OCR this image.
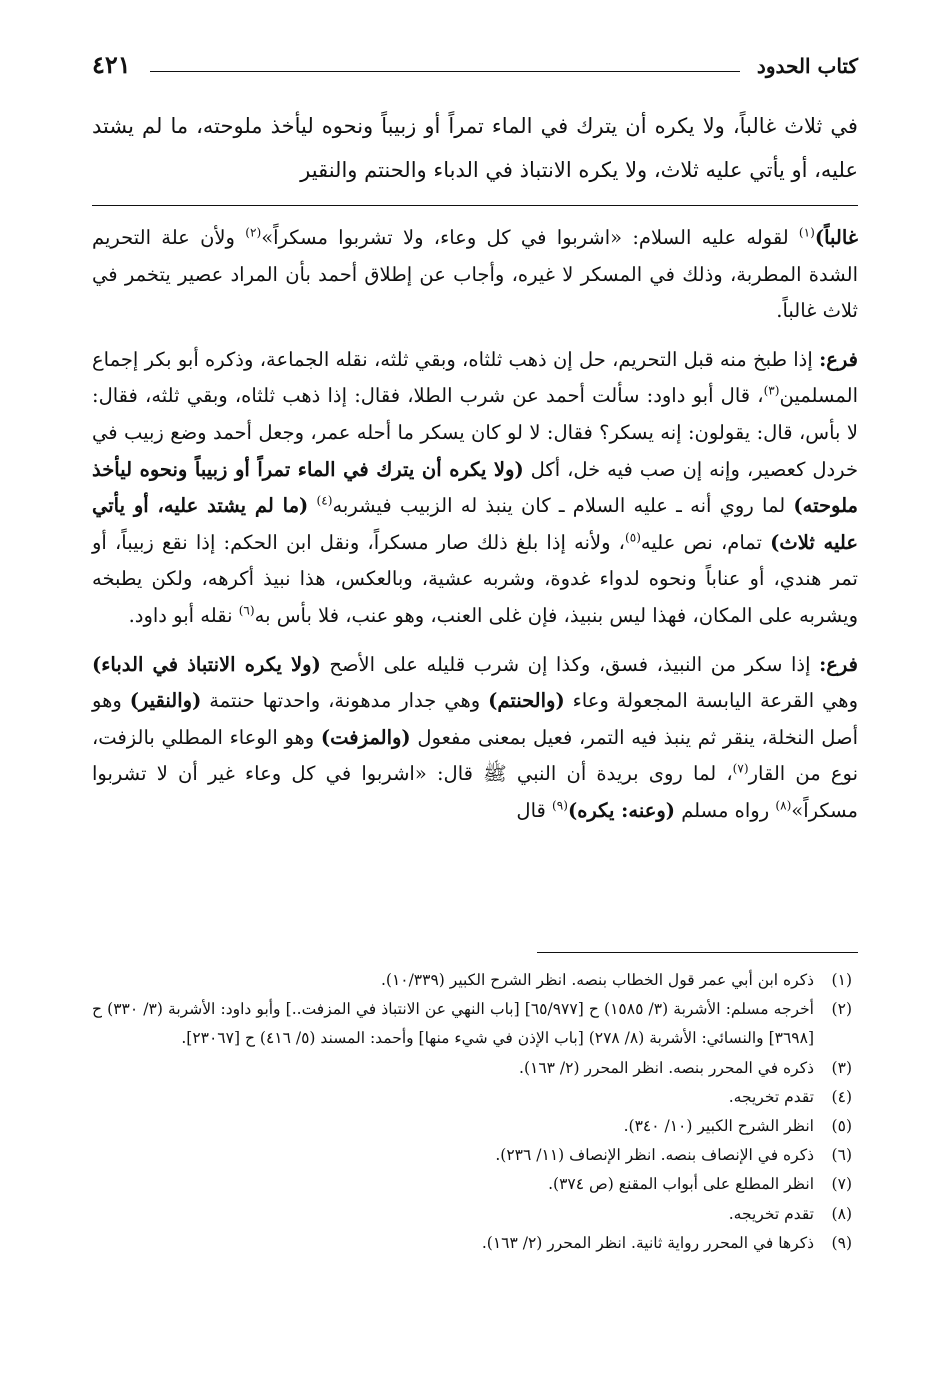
كتاب الحدود
٤٢١
في ثلاث غالباً، ولا يكره أن يترك في الماء تمراً أو زبيباً ونحوه ليأخذ ملوحته، ما لم يشتد عليه، أو يأتي عليه ثلاث، ولا يكره الانتباذ في الدباء والحنتم والنقير

غالباً)$^{(١)}$ لقوله عليه السلام: «اشربوا في كل وعاء، ولا تشربوا مسكراً»$^{(٢)}$ ولأن علة التحريم الشدة المطربة، وذلك في المسكر لا غيره، وأجاب عن إطلاق أحمد بأن المراد عصير يتخمر في ثلاث غالباً.

فرع: إذا طبخ منه قبل التحريم، حل إن ذهب ثلثاه، وبقي ثلثه، نقله الجماعة، وذكره أبو بكر إجماع المسلمين$^{(٣)}$، قال أبو داود: سألت أحمد عن شرب الطلا، فقال: إذا ذهب ثلثاه، وبقي ثلثه، فقال: لا بأس، قال: يقولون: إنه يسكر؟ فقال: لا لو كان يسكر ما أحله عمر، وجعل أحمد وضع زبيب في خردل كعصير، وإنه إن صب فيه خل، أكل (ولا يكره أن يترك في الماء تمراً أو زبيباً ونحوه ليأخذ ملوحته) لما روي أنه ـ عليه السلام ـ كان ينبذ له الزبيب فيشربه$^{(٤)}$ (ما لم يشتد عليه، أو يأتي عليه ثلاث) تمام، نص عليه$^{(٥)}$، ولأنه إذا بلغ ذلك صار مسكراً، ونقل ابن الحكم: إذا نقع زبيباً، أو تمر هندي، أو عناباً ونحوه لدواء غدوة، وشربه عشية، وبالعكس، هذا نبيذ أكرهه، ولكن يطبخه ويشربه على المكان، فهذا ليس بنبيذ، فإن غلى العنب، وهو عنب، فلا بأس به$^{(٦)}$ نقله أبو داود.

فرع: إذا سكر من النبيذ، فسق، وكذا إن شرب قليله على الأصح (ولا يكره الانتباذ في الدباء) وهي القرعة اليابسة المجعولة وعاء (والحنتم) وهي جدار مدهونة، واحدتها حنتمة (والنقير) وهو أصل النخلة، ينقر ثم ينبذ فيه التمر، فعيل بمعنى مفعول (والمزفت) وهو الوعاء المطلي بالزفت، نوع من القار$^{(٧)}$، لما روى بريدة أن النبي ﷺ قال: «اشربوا في كل وعاء غير أن لا تشربوا مسكراً»$^{(٨)}$ رواه مسلم (وعنه: يكره)$^{(٩)}$ قال

(١)
ذكره ابن أبي عمر قول الخطاب بنصه. انظر الشرح الكبير (١٠/٣٣٩).
(٢)
أخرجه مسلم: الأشربة (٣/ ١٥٨٥) ح [٦٥/٩٧٧] [باب النهي عن الانتباذ في المزفت..] وأبو داود: الأشربة (٣/ ٣٣٠) ح [٣٦٩٨] والنسائي: الأشربة (٨/ ٢٧٨) [باب الإذن في شيء منها] وأحمد: المسند (٥/ ٤١٦) ح [٢٣٠٦٧].
(٣)
ذكره في المحرر بنصه. انظر المحرر (٢/ ١٦٣).
(٤)
تقدم تخريجه.
(٥)
انظر الشرح الكبير (١٠/ ٣٤٠).
(٦)
ذكره في الإنصاف بنصه. انظر الإنصاف (١١/ ٢٣٦).
(٧)
انظر المطلع على أبواب المقنع (ص ٣٧٤).
(٨)
تقدم تخريجه.
(٩)
ذكرها في المحرر رواية ثانية. انظر المحرر (٢/ ١٦٣).
